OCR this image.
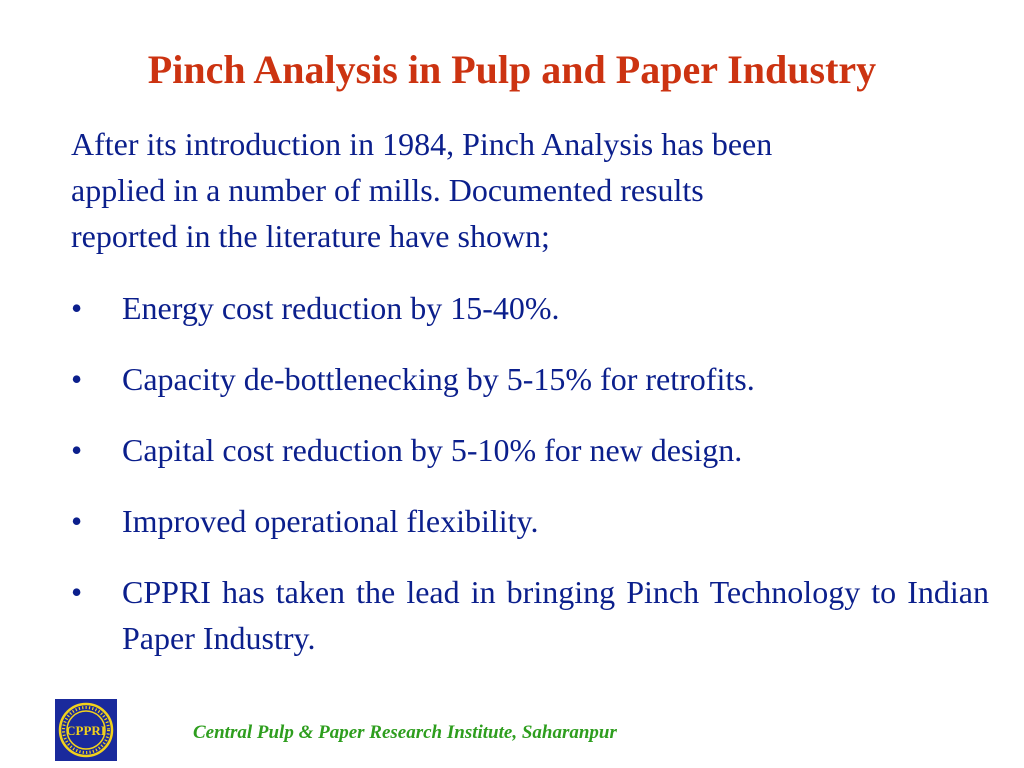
Pinch Analysis in Pulp and Paper Industry
After its introduction in 1984, Pinch Analysis has been
applied in a number of mills. Documented results
reported in the literature have shown;
• Energy cost reduction by 15-40%.
• Capacity de-bottlenecking by 5-15% for retrofits.
• Capital cost reduction by 5-10% for new design.
• Improved operational flexibility.
• CPPRI has taken the lead in bringing Pinch Technology to Indian Paper Industry.
CPPRI	Central Pulp & Paper Research Institute, Saharanpur
